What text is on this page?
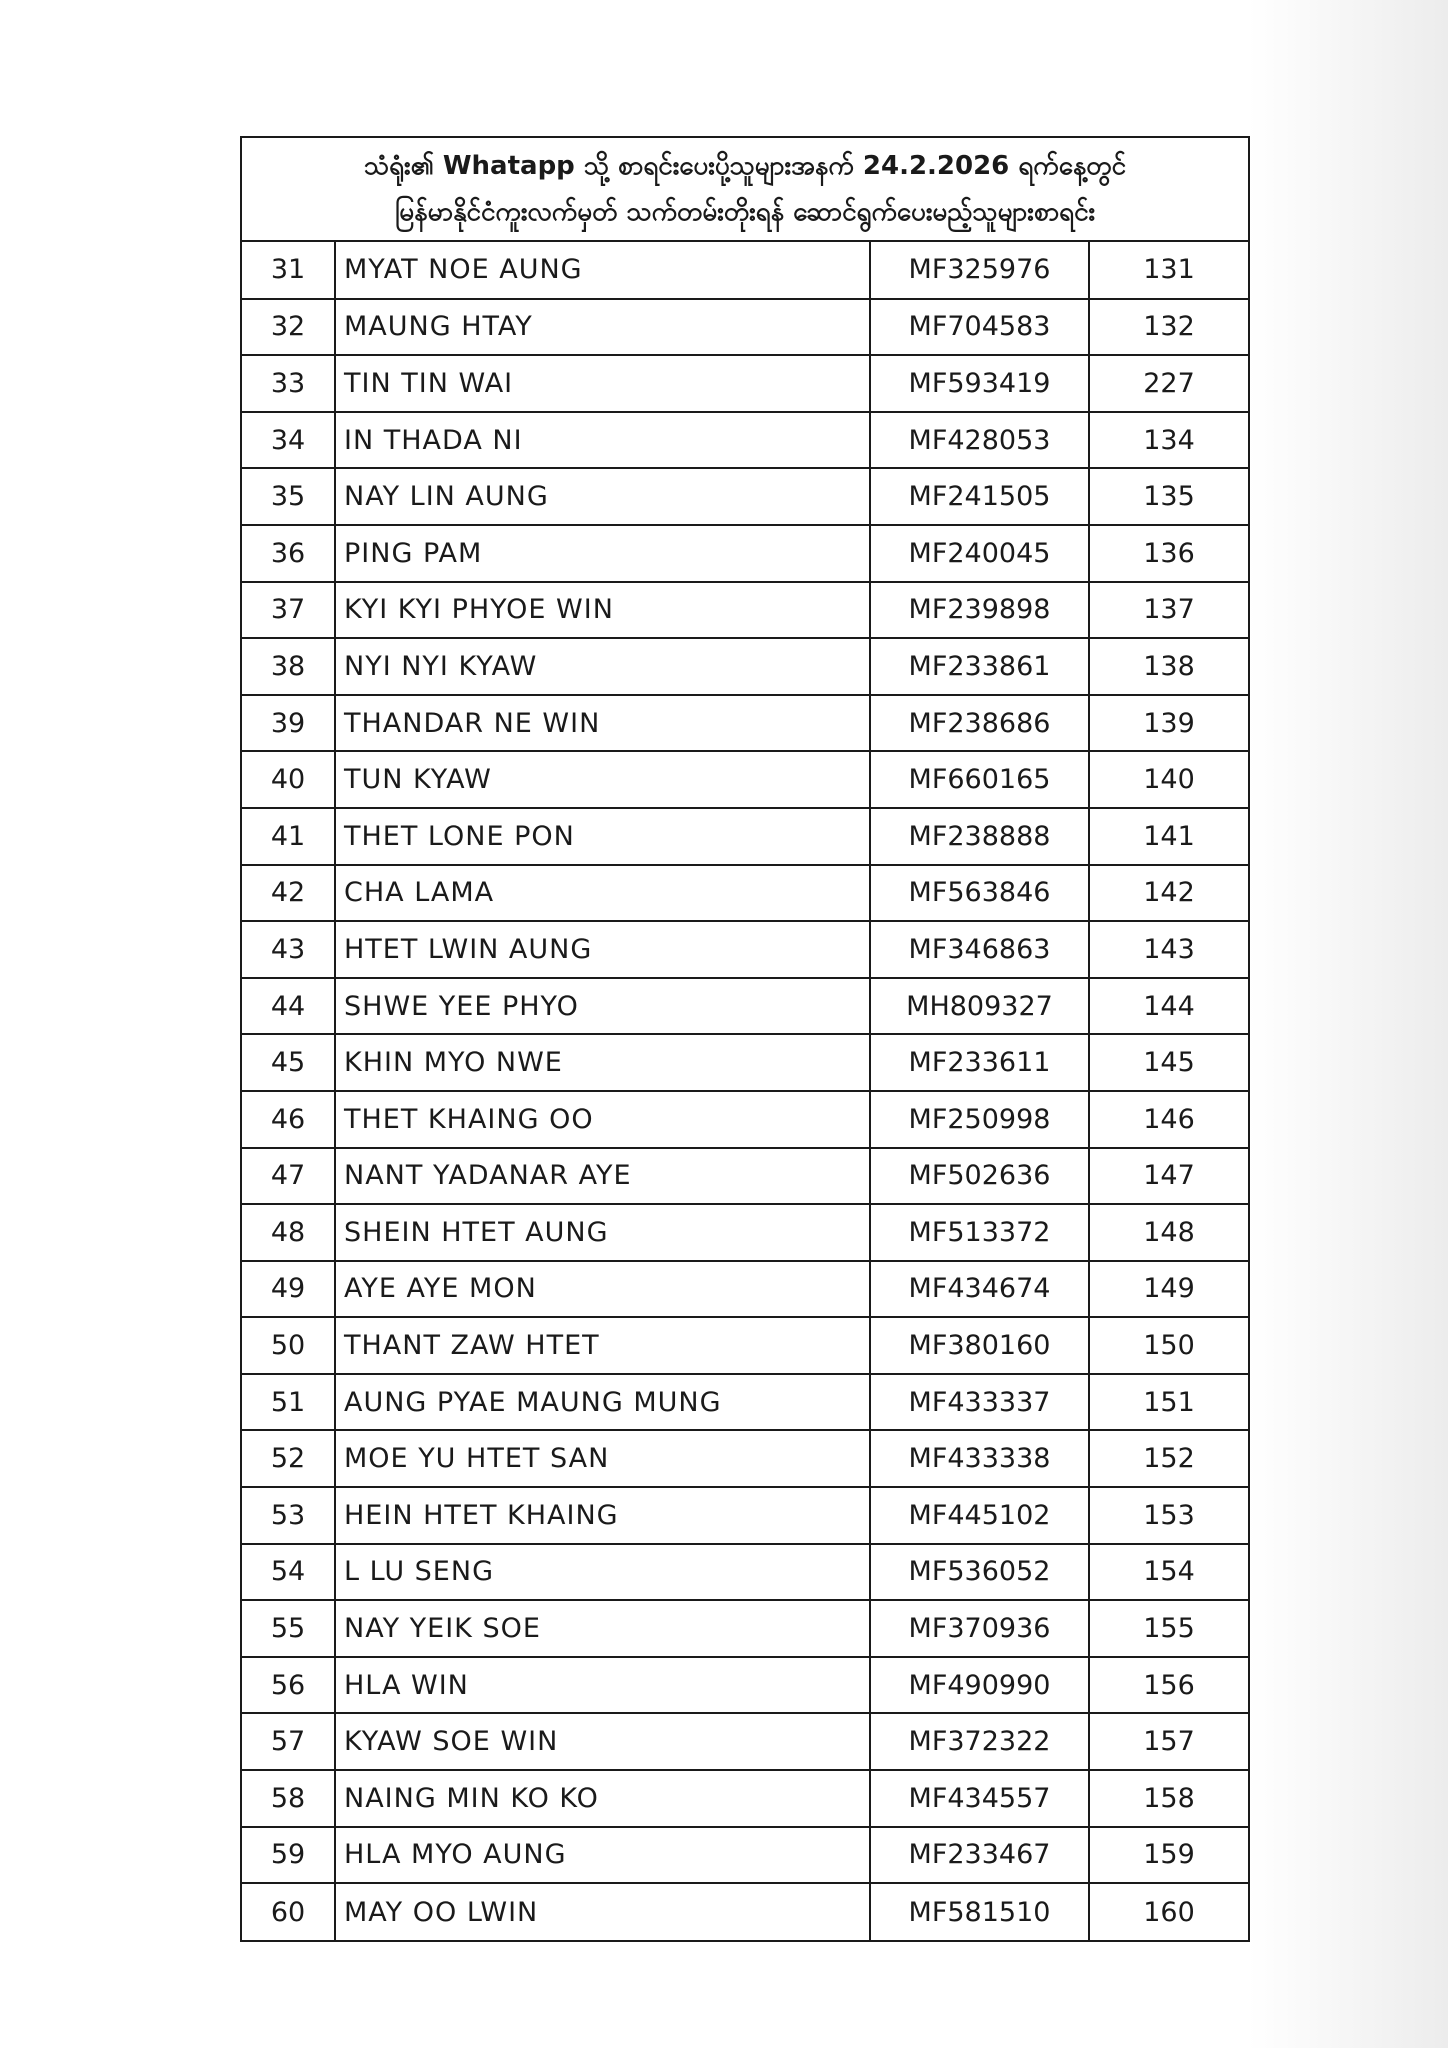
သံရုံး၏ Whatapp သို့ စာရင်းပေးပို့သူများအနက် 24.2.2026 ရက်နေ့တွင်
မြန်မာနိုင်ငံကူးလက်မှတ် သက်တမ်းတိုးရန် ဆောင်ရွက်ပေးမည့်သူများစာရင်း
31	MYAT NOE AUNG	MF325976	131
32	MAUNG HTAY	MF704583	132
33	TIN TIN WAI	MF593419	227
34	IN THADA NI	MF428053	134
35	NAY LIN AUNG	MF241505	135
36	PING PAM	MF240045	136
37	KYI KYI PHYOE WIN	MF239898	137
38	NYI NYI KYAW	MF233861	138
39	THANDAR NE WIN	MF238686	139
40	TUN KYAW	MF660165	140
41	THET LONE PON	MF238888	141
42	CHA LAMA	MF563846	142
43	HTET LWIN AUNG	MF346863	143
44	SHWE YEE PHYO	MH809327	144
45	KHIN MYO NWE	MF233611	145
46	THET KHAING OO	MF250998	146
47	NANT YADANAR AYE	MF502636	147
48	SHEIN HTET AUNG	MF513372	148
49	AYE AYE MON	MF434674	149
50	THANT ZAW HTET	MF380160	150
51	AUNG PYAE MAUNG MUNG	MF433337	151
52	MOE YU HTET SAN	MF433338	152
53	HEIN HTET KHAING	MF445102	153
54	L LU SENG	MF536052	154
55	NAY YEIK SOE	MF370936	155
56	HLA WIN	MF490990	156
57	KYAW SOE WIN	MF372322	157
58	NAING MIN KO KO	MF434557	158
59	HLA MYO AUNG	MF233467	159
60	MAY OO LWIN	MF581510	160
